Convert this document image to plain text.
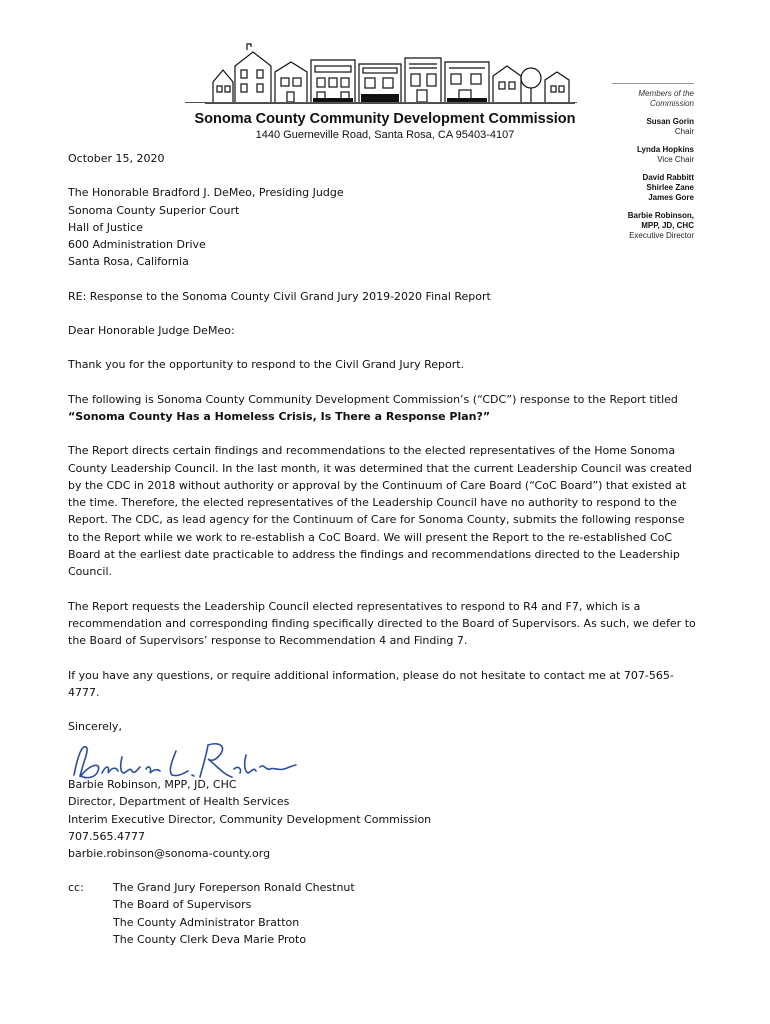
Sonoma County Community Development Commission
1440 Guerneville Road, Santa Rosa, CA 95403-4107
Members of the
Commission
Susan Gorin
Chair
Lynda Hopkins
Vice Chair
David Rabbitt
Shirlee Zane
James Gore
Barbie Robinson,
MPP, JD, CHC
Executive Director

October 15, 2020

The Honorable Bradford J. DeMeo, Presiding Judge
Sonoma County Superior Court
Hall of Justice
600 Administration Drive
Santa Rosa, California

RE: Response to the Sonoma County Civil Grand Jury 2019-2020 Final Report

Dear Honorable Judge DeMeo:

Thank you for the opportunity to respond to the Civil Grand Jury Report.

The following is Sonoma County Community Development Commission’s (“CDC”) response to the Report titled
“Sonoma County Has a Homeless Crisis, Is There a Response Plan?”

The Report directs certain findings and recommendations to the elected representatives of the Home Sonoma County Leadership Council. In the last month, it was determined that the current Leadership Council was created by the CDC in 2018 without authority or approval by the Continuum of Care Board (“CoC Board”) that existed at the time. Therefore, the elected representatives of the Leadership Council have no authority to respond to the Report. The CDC, as lead agency for the Continuum of Care for Sonoma County, submits the following response to the Report while we work to re-establish a CoC Board. We will present the Report to the re-established CoC Board at the earliest date practicable to address the findings and recommendations directed to the Leadership Council.

The Report requests the Leadership Council elected representatives to respond to R4 and F7, which is a recommendation and corresponding finding specifically directed to the Board of Supervisors. As such, we defer to the Board of Supervisors’ response to Recommendation 4 and Finding 7.

If you have any questions, or require additional information, please do not hesitate to contact me at 707-565-4777.

Sincerely,

Barbie Robinson, MPP, JD, CHC
Director, Department of Health Services
Interim Executive Director, Community Development Commission
707.565.4777
barbie.robinson@sonoma-county.org
cc:	The Grand Jury Foreperson Ronald Chestnut
The Board of Supervisors
The County Administrator Bratton
The County Clerk Deva Marie Proto
